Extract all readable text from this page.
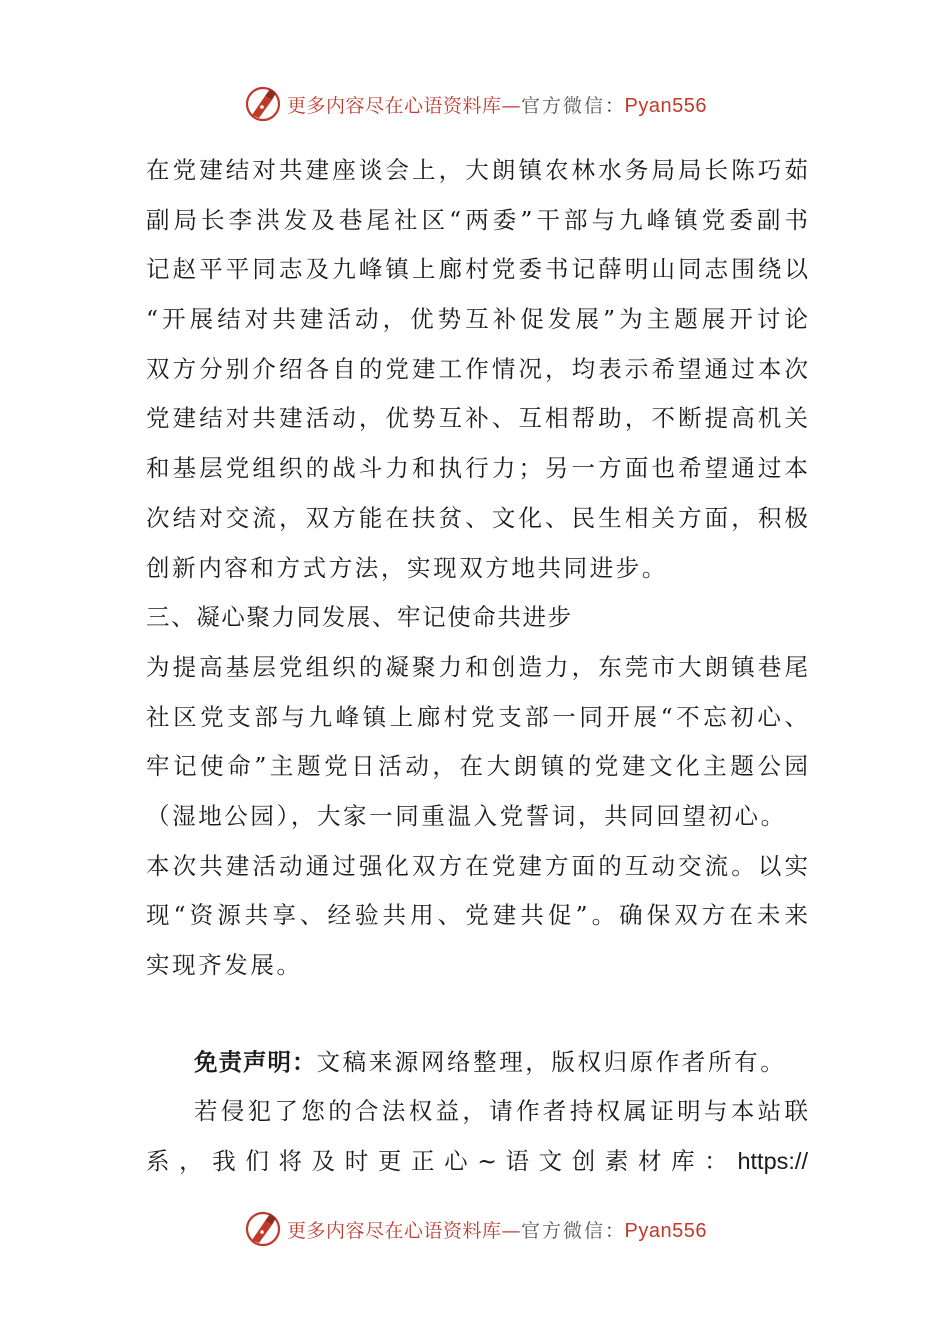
更多内容尽在心语资料库—官方微信：Pyan556
在党建结对共建座谈会上，大朗镇农林水务局局长陈巧茹
副局长李洪发及巷尾社区“两委”干部与九峰镇党委副书
记赵平平同志及九峰镇上廊村党委书记薛明山同志围绕以
“开展结对共建活动，优势互补促发展”为主题展开讨论
双方分别介绍各自的党建工作情况，均表示希望通过本次
党建结对共建活动，优势互补、互相帮助，不断提高机关
和基层党组织的战斗力和执行力；另一方面也希望通过本
次结对交流，双方能在扶贫、文化、民生相关方面，积极
创新内容和方式方法，实现双方地共同进步。
三、凝心聚力同发展、牢记使命共进步
为提高基层党组织的凝聚力和创造力，东莞市大朗镇巷尾
社区党支部与九峰镇上廊村党支部一同开展“不忘初心、
牢记使命”主题党日活动，在大朗镇的党建文化主题公园
（湿地公园），大家一同重温入党誓词，共同回望初心。
本次共建活动通过强化双方在党建方面的互动交流。以实
现“资源共享、经验共用、党建共促”。确保双方在未来
实现齐发展。
免责声明：文稿来源网络整理，版权归原作者所有。
若侵犯了您的合法权益，请作者持权属证明与本站联
系 ， 我 们 将 及 时 更 正 心 ~ 语 文 创 素 材 库 ： https://
更多内容尽在心语资料库—官方微信：Pyan556
